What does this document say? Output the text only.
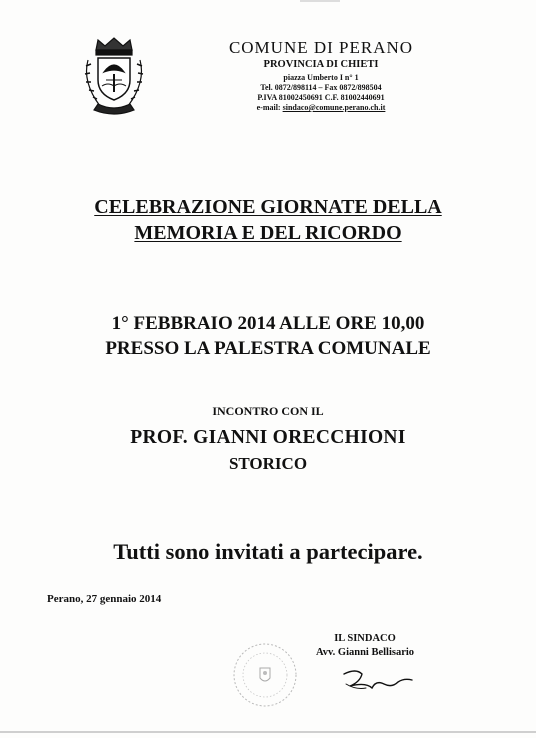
COMUNE DI PERANO

PROVINCIA DI CHIETI

piazza Umberto I n° 1

Tel. 0872/898114 – Fax 0872/898504

P.IVA 81002450691 C.F. 81002440691

e-mail: sindaco@comune.perano.ch.it

CELEBRAZIONE GIORNATE DELLA
MEMORIA E DEL RICORDO
1° FEBBRAIO 2014 ALLE ORE 10,00
PRESSO LA PALESTRA COMUNALE
INCONTRO CON IL
PROF. GIANNI ORECCHIONI
STORICO
Tutti sono invitati a partecipare.
Perano, 27 gennaio 2014
IL SINDACO
Avv. Gianni Bellisario
